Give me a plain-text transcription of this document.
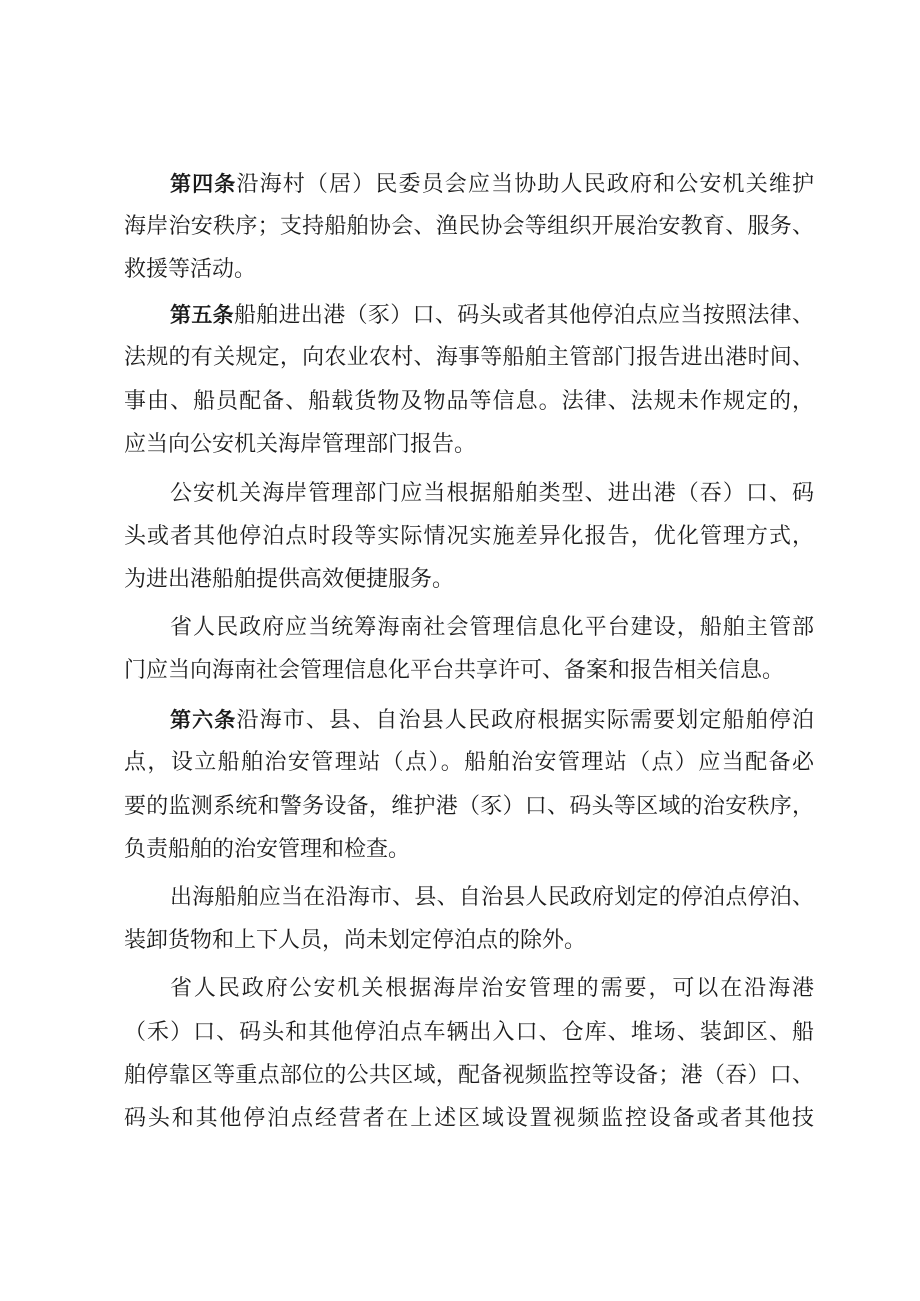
第四条沿海村（居）民委员会应当协助人民政府和公安机关维护
海岸治安秩序；支持船舶协会、渔民协会等组织开展治安教育、服务、
救援等活动。
第五条船舶进出港（豕）口、码头或者其他停泊点应当按照法律、
法规的有关规定，向农业农村、海事等船舶主管部门报告进出港时间、
事由、船员配备、船载货物及物品等信息。法律、法规未作规定的，
应当向公安机关海岸管理部门报告。
公安机关海岸管理部门应当根据船舶类型、进出港（吞）口、码
头或者其他停泊点时段等实际情况实施差异化报告，优化管理方式，
为进出港船舶提供高效便捷服务。
省人民政府应当统筹海南社会管理信息化平台建设，船舶主管部
门应当向海南社会管理信息化平台共享许可、备案和报告相关信息。
第六条沿海市、县、自治县人民政府根据实际需要划定船舶停泊
点，设立船舶治安管理站（点）。船舶治安管理站（点）应当配备必
要的监测系统和警务设备，维护港（豕）口、码头等区域的治安秩序，
负责船舶的治安管理和检查。
出海船舶应当在沿海市、县、自治县人民政府划定的停泊点停泊、
装卸货物和上下人员，尚未划定停泊点的除外。
省人民政府公安机关根据海岸治安管理的需要，可以在沿海港
（禾）口、码头和其他停泊点车辆出入口、仓库、堆场、装卸区、船
舶停靠区等重点部位的公共区域，配备视频监控等设备；港（吞）口、
码头和其他停泊点经营者在上述区域设置视频监控设备或者其他技
